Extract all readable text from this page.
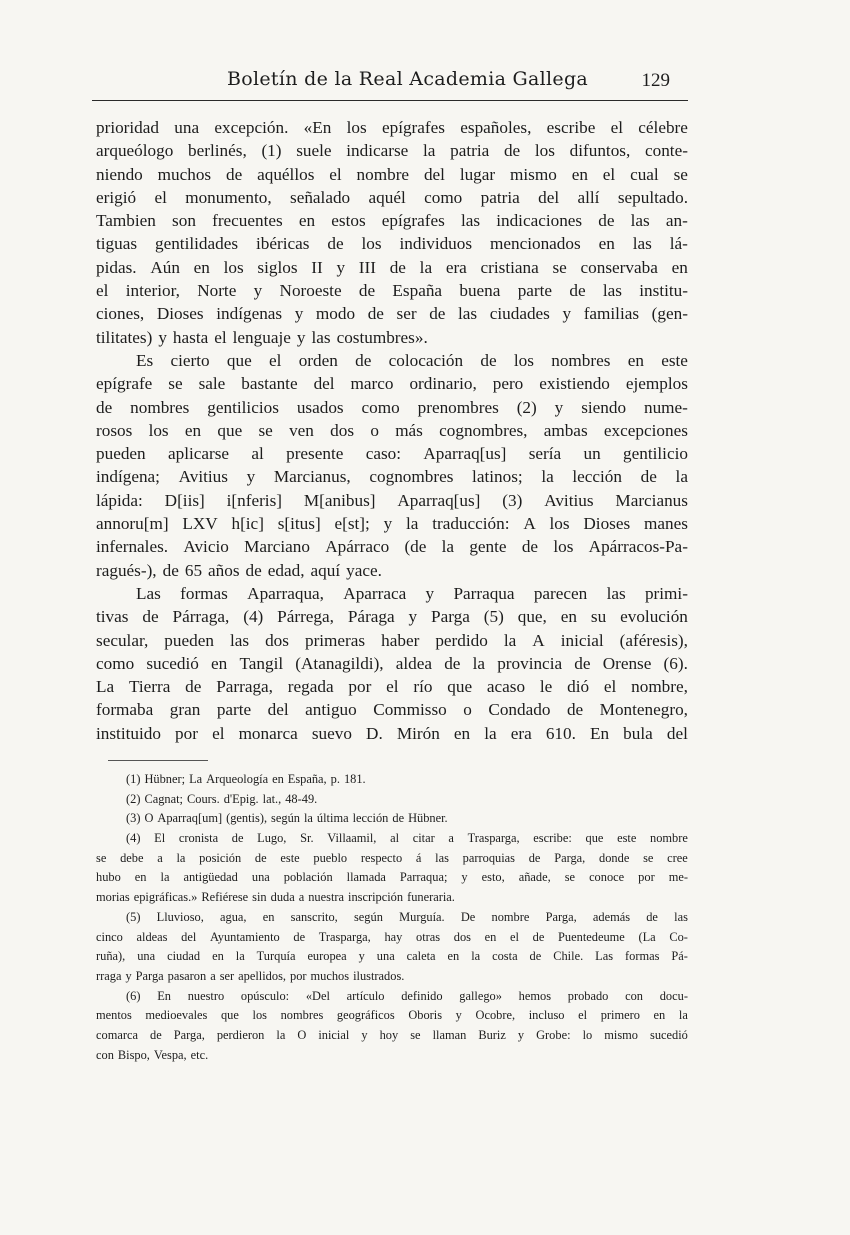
Boletín de la Real Academia Gallega	129
prioridad una excepción. «En los epígrafes españoles, escribe el célebre
arqueólogo berlinés, (1) suele indicarse la patria de los difuntos, conte-
niendo muchos de aquéllos el nombre del lugar mismo en el cual se
erigió el monumento, señalado aquél como patria del allí sepultado.
Tambien son frecuentes en estos epígrafes las indicaciones de las an-
tiguas gentilidades ibéricas de los individuos mencionados en las lá-
pidas. Aún en los siglos II y III de la era cristiana se conservaba en
el interior, Norte y Noroeste de España buena parte de las institu-
ciones, Dioses indígenas y modo de ser de las ciudades y familias (gen-
tilitates) y hasta el lenguaje y las costumbres».
Es cierto que el orden de colocación de los nombres en este
epígrafe se sale bastante del marco ordinario, pero existiendo ejemplos
de nombres gentilicios usados como prenombres (2) y siendo nume-
rosos los en que se ven dos o más cognombres, ambas excepciones
pueden aplicarse al presente caso: Aparraq[us] sería un gentilicio
indígena; Avitius y Marcianus, cognombres latinos; la lección de la
lápida: D[iis] i[nferis] M[anibus] Aparraq[us] (3) Avitius Marcianus
annoru[m] LXV h[ic] s[itus] e[st]; y la traducción: A los Dioses manes
infernales. Avicio Marciano Apárraco (de la gente de los Apárracos-Pa-
ragués-), de 65 años de edad, aquí yace.
Las formas Aparraqua, Aparraca y Parraqua parecen las primi-
tivas de Párraga, (4) Párrega, Páraga y Parga (5) que, en su evolución
secular, pueden las dos primeras haber perdido la A inicial (aféresis),
como sucedió en Tangil (Atanagildi), aldea de la provincia de Orense (6).
La Tierra de Parraga, regada por el río que acaso le dió el nombre,
formaba gran parte del antiguo Commisso o Condado de Montenegro,
instituido por el monarca suevo D. Mirón en la era 610. En bula del
(1) Hübner; La Arqueología en España, p. 181.
(2) Cagnat; Cours. d'Epig. lat., 48-49.
(3) O Aparraq[um] (gentis), según la última lección de Hübner.
(4) El cronista de Lugo, Sr. Villaamil, al citar a Trasparga, escribe: que este nombre
se debe a la posición de este pueblo respecto á las parroquias de Parga, donde se cree
hubo en la antigüedad una población llamada Parraqua; y esto, añade, se conoce por me-
morias epigráficas.» Refiérese sin duda a nuestra inscripción funeraria.
(5) Lluvioso, agua, en sanscrito, según Murguía. De nombre Parga, además de las
cinco aldeas del Ayuntamiento de Trasparga, hay otras dos en el de Puentedeume (La Co-
ruña), una ciudad en la Turquía europea y una caleta en la costa de Chile. Las formas Pá-
rraga y Parga pasaron a ser apellidos, por muchos ilustrados.
(6) En nuestro opúsculo: «Del artículo definido gallego» hemos probado con docu-
mentos medioevales que los nombres geográficos Oboris y Ocobre, incluso el primero en la
comarca de Parga, perdieron la O inicial y hoy se llaman Buriz y Grobe: lo mismo sucedió
con Bispo, Vespa, etc.
